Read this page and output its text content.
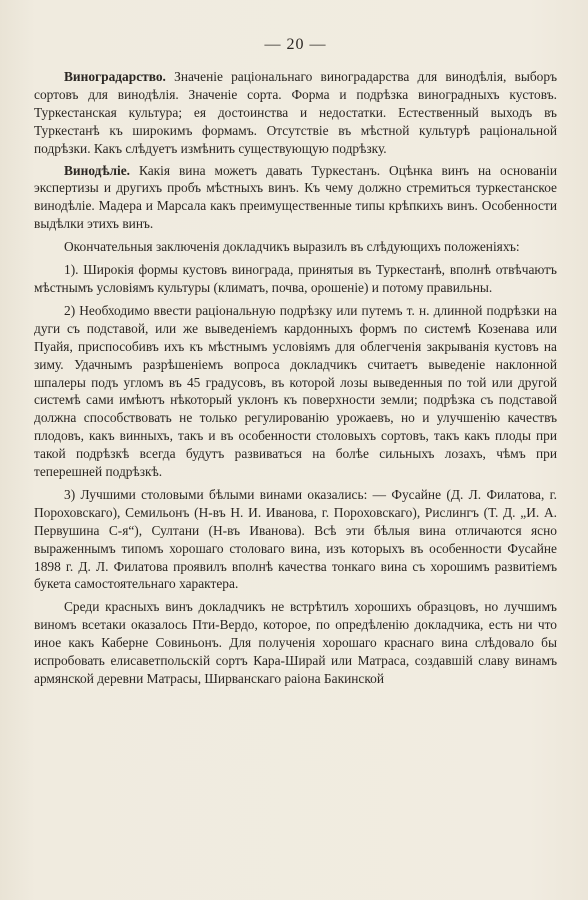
— 20 —

Виноградарство. Значеніе раціональнаго виноградарства для винодѣлія, выборъ сортовъ для винодѣлія. Значеніе сорта. Форма и подрѣзка виноградныхъ кустовъ. Туркестанская культура; ея достоинства и недостатки. Естественный выходъ въ Туркестанѣ къ широкимъ формамъ. Отсутствіе въ мѣстной культурѣ раціональной подрѣзки. Какъ слѣдуетъ измѣнить существующую подрѣзку.

Винодѣліе. Какія вина можетъ давать Туркестанъ. Оцѣнка винъ на основаніи экспертизы и другихъ пробъ мѣстныхъ винъ. Къ чему должно стремиться туркестанское винодѣліе. Мадера и Марсала какъ преимущественные типы крѣпкихъ винъ. Особенности выдѣлки этихъ винъ.

Окончательныя заключенія докладчикъ выразилъ въ слѣдующихъ положеніяхъ:

1). Широкія формы кустовъ винограда, принятыя въ Туркестанѣ, вполнѣ отвѣчаютъ мѣстнымъ условіямъ культуры (климатъ, почва, орошеніе) и потому правильны.

2) Необходимо ввести раціональную подрѣзку или путемъ т. н. длинной подрѣзки на дуги съ подставой, или же выведеніемъ кардонныхъ формъ по системѣ Козенава или Пуайя, приспособивъ ихъ къ мѣстнымъ условіямъ для облегченія закрыванія кустовъ на зиму. Удачнымъ разрѣшеніемъ вопроса докладчикъ считаетъ выведеніе наклонной шпалеры подъ угломъ въ 45 градусовъ, въ которой лозы выведенныя по той или другой системѣ сами имѣютъ нѣкоторый уклонъ къ поверхности земли; подрѣзка съ подставой должна способствовать не только регулированію урожаевъ, но и улучшенію качествъ плодовъ, какъ винныхъ, такъ и въ особенности столовыхъ сортовъ, такъ какъ плоды при такой подрѣзкѣ всегда будутъ развиваться на болѣе сильныхъ лозахъ, чѣмъ при теперешней подрѣзкѣ.

3) Лучшими столовыми бѣлыми винами оказались: — Фусайне (Д. Л. Филатова, г. Пороховскаго), Семильонъ (Н-въ Н. И. Иванова, г. Пороховскаго), Рислингъ (Т. Д. „И. А. Первушина С-я“), Султани (Н-въ Иванова). Всѣ эти бѣлыя вина отличаются ясно выраженнымъ типомъ хорошаго столоваго вина, изъ которыхъ въ особенности Фусайне 1898 г. Д. Л. Филатова проявилъ вполнѣ качества тонкаго вина съ хорошимъ развитіемъ букета самостоятельнаго характера.

Среди красныхъ винъ докладчикъ не встрѣтилъ хорошихъ образцовъ, но лучшимъ виномъ всетаки оказалось Пти-Вердо, которое, по опредѣленію докладчика, есть ни что иное какъ Каберне Совиньонъ. Для полученія хорошаго краснаго вина слѣдовало бы испробовать елисаветпольскій сортъ Кара-Ширай или Матраса, создавшій славу винамъ армянской деревни Матрасы, Ширванскаго раіона Бакинской
